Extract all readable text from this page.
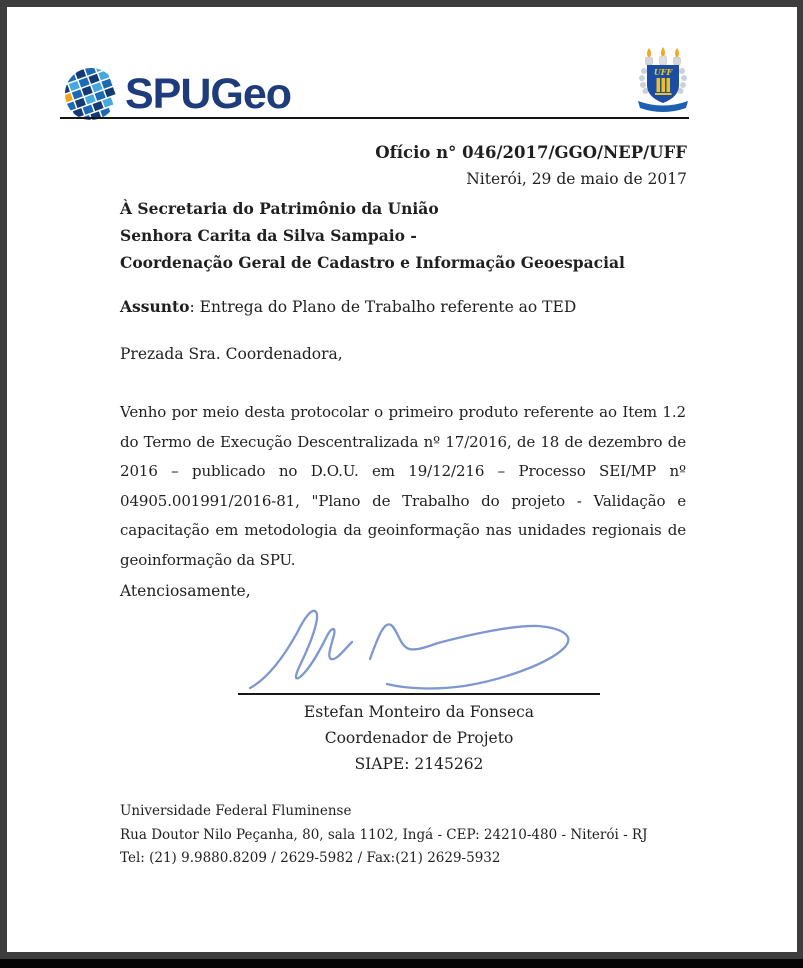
SPUGeo	UFF
Ofício n° 046/2017/GGO/NEP/UFF
Niterói, 29 de maio de 2017
À Secretaria do Patrimônio da União
Senhora Carita da Silva Sampaio -
Coordenação Geral de Cadastro e Informação Geoespacial
Assunto: Entrega do Plano de Trabalho referente ao TED
Prezada Sra. Coordenadora,
Venho por meio desta protocolar o primeiro produto referente ao Item 1.2 do Termo de Execução Descentralizada nº 17/2016, de 18 de dezembro de 2016 – publicado no D.O.U. em 19/12/216 – Processo SEI/MP nº 04905.001991/2016-81, "Plano de Trabalho do projeto - Validação e capacitação em metodologia da geoinformação nas unidades regionais de geoinformação da SPU.
Atenciosamente,
Estefan Monteiro da Fonseca
Coordenador de Projeto
SIAPE: 2145262
Universidade Federal Fluminense
Rua Doutor Nilo Peçanha, 80, sala 1102, Ingá - CEP: 24210-480 - Niterói - RJ
Tel: (21) 9.9880.8209 / 2629-5982 / Fax:(21) 2629-5932
